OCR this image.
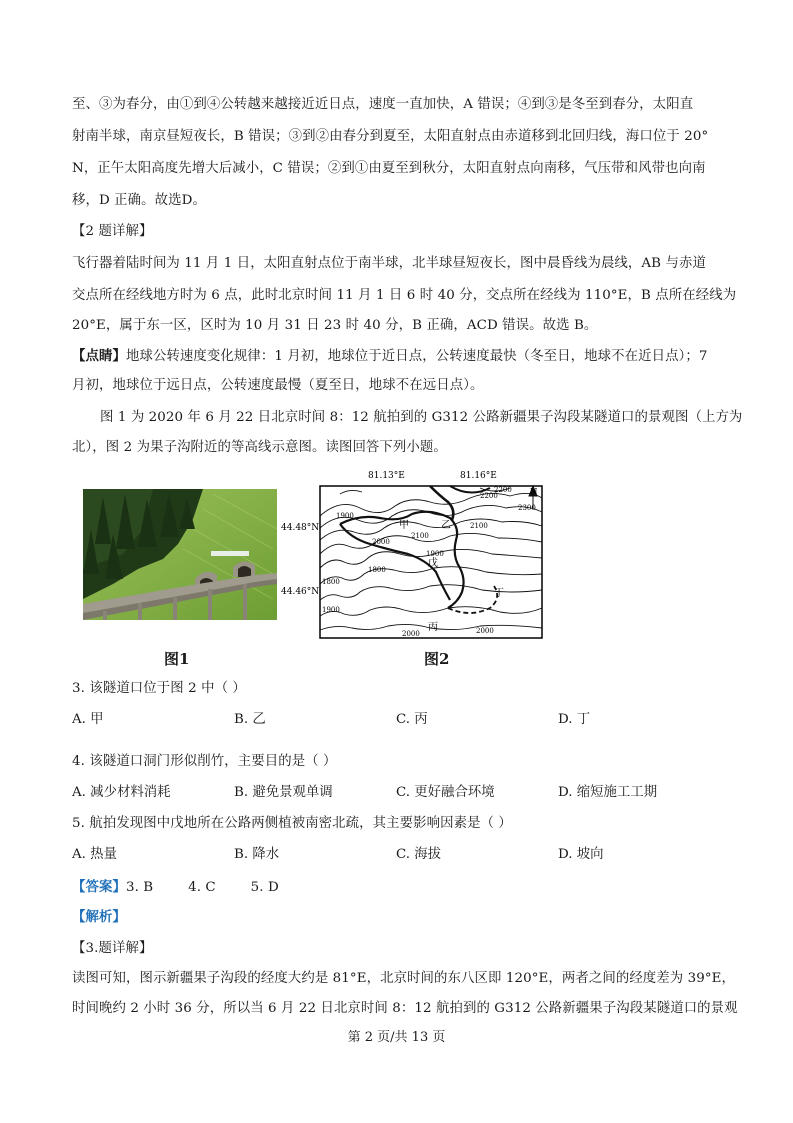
至、③为春分，由①到④公转越来越接近近日点，速度一直加快，A 错误；④到③是冬至到春分，太阳直
射南半球，南京昼短夜长，B 错误；③到②由春分到夏至，太阳直射点由赤道移到北回归线，海口位于 20°
N，正午太阳高度先增大后减小，C 错误；②到①由夏至到秋分，太阳直射点向南移，气压带和风带也向南
移，D 正确。故选D。
【2 题详解】
飞行器着陆时间为 11 月 1 日，太阳直射点位于南半球，北半球昼短夜长，图中晨昏线为晨线，AB 与赤道
交点所在经线地方时为 6 点，此时北京时间 11 月 1 日 6 时 40 分，交点所在经线为 110°E，B 点所在经线为
20°E，属于东一区，区时为 10 月 31 日 23 时 40 分，B 正确，ACD 错误。故选 B。
【点睛】地球公转速度变化规律：1 月初，地球位于近日点，公转速度最快（冬至日，地球不在近日点）；7
月初，地球位于远日点，公转速度最慢（夏至日，地球不在远日点）。
图 1 为 2020 年 6 月 22 日北京时间 8：12 航拍到的 G312 公路新疆果子沟段某隧道口的景观图（上方为
北），图 2 为果子沟附近的等高线示意图。读图回答下列小题。
图1
81.13°E	81.16°E
44.48°N
44.46°N
N
甲	乙
戊
丙
丁
2200
2200
2300
1900
2100
2100
2000
1900
1800
1800
1900
2000	2000
图2
3. 该隧道口位于图 2 中（ ）
A. 甲	B. 乙	C. 丙	D. 丁
4. 该隧道口洞门形似削竹，主要目的是（ ）
A. 减少材料消耗	B. 避免景观单调	C. 更好融合环境	D. 缩短施工工期
5. 航拍发现图中戊地所在公路两侧植被南密北疏，其主要影响因素是（ ）
A. 热量	B. 降水	C. 海拔	D. 坡向
【答案】3. B        4. C        5. D
【解析】
【3.题详解】
读图可知，图示新疆果子沟段的经度大约是 81°E，北京时间的东八区即 120°E，两者之间的经度差为 39°E，
时间晚约 2 小时 36 分，所以当 6 月 22 日北京时间 8：12 航拍到的 G312 公路新疆果子沟段某隧道口的景观
第 2 页/共 13 页
